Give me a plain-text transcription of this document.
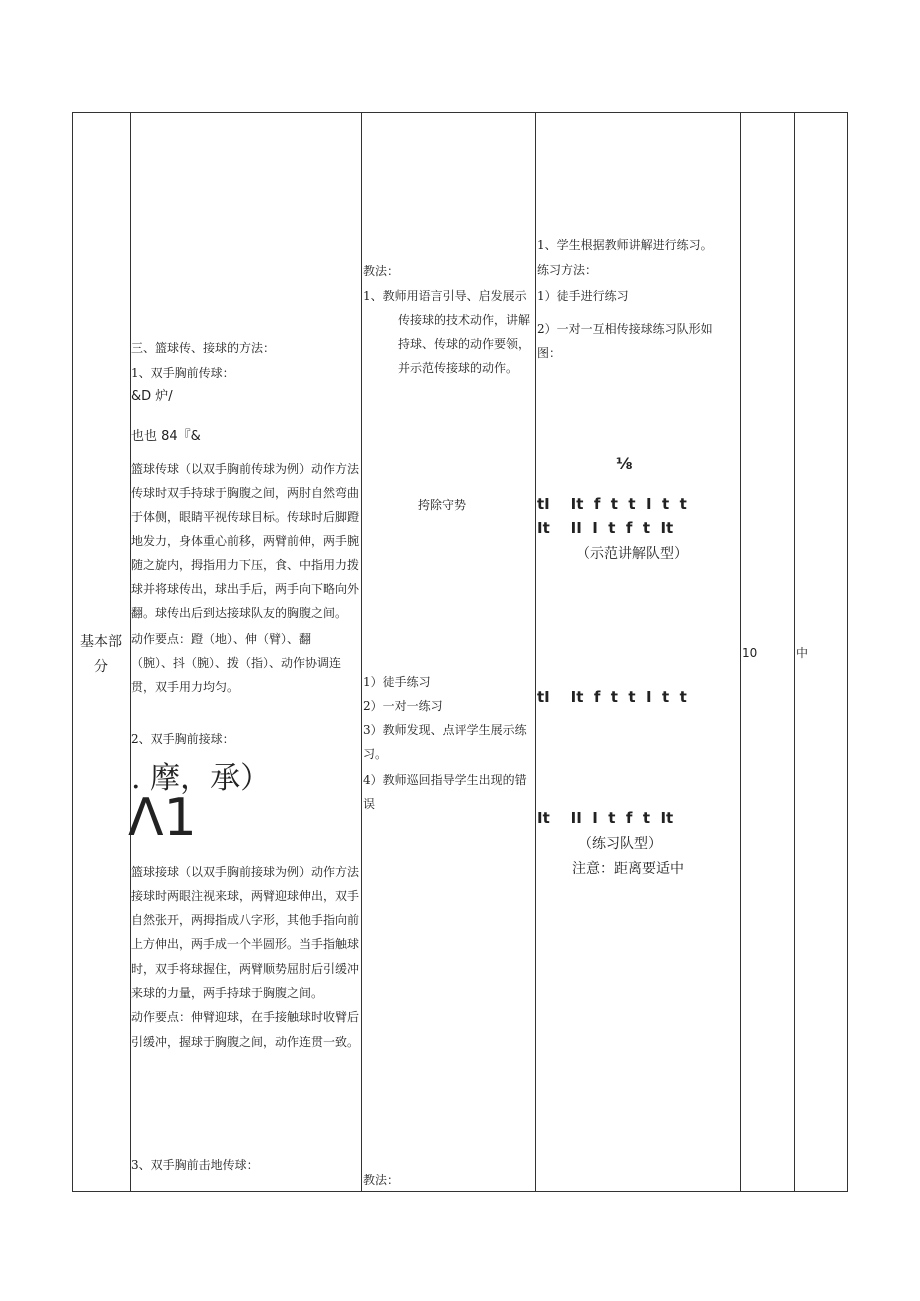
基本部分
三、篮球传、接球的方法：
1、双手胸前传球：
&D 炉/
也也 84『&
篮球传球（以双手胸前传球为例）动作方法
传球时双手持球于胸腹之间，两肘自然弯曲
于体侧，眼睛平视传球目标。传球时后脚蹬
地发力，身体重心前移，两臂前伸，两手腕
随之旋内，拇指用力下压，食、中指用力拨
球并将球传出，球出手后，两手向下略向外
翻。球传出后到达接球队友的胸腹之间。
动作要点：蹬（地）、伸（臂）、翻
（腕）、抖（腕）、拨（指）、动作协调连
贯，双手用力均匀。
2、双手胸前接球：
. 摩，承）
Λ1
篮球接球（以双手胸前接球为例）动作方法
接球时两眼注视来球，两臂迎球伸出，双手
自然张开，两拇指成八字形，其他手指向前
上方伸出，两手成一个半圆形。当手指触球
时，双手将球握住，两臂顺势屈肘后引缓冲
来球的力量，两手持球于胸腹之间。
动作要点：伸臂迎球，在手接触球时收臂后
引缓冲，握球于胸腹之间，动作连贯一致。
3、双手胸前击地传球：
教法：
1、教师用语言引导、启发展示
传接球的技术动作，讲解
持球、传球的动作要领，
并示范传接球的动作。
挎除守势
1）徒手练习
2）一对一练习
3）教师发现、点评学生展示练
习。
4）教师巡回指导学生出现的错
误
教法：
1、学生根据教师讲解进行练习。
练习方法：
1）徒手进行练习
2）一对一互相传接球练习队形如
图：
⅛
tI    It  f  t  t  I  t  t
It    II  I  t  f  t  It
（示范讲解队型）
tI    It  f  t  t  I  t  t
It    II  I  t  f  t  It
（练习队型）
注意：距离要适中
10	中
